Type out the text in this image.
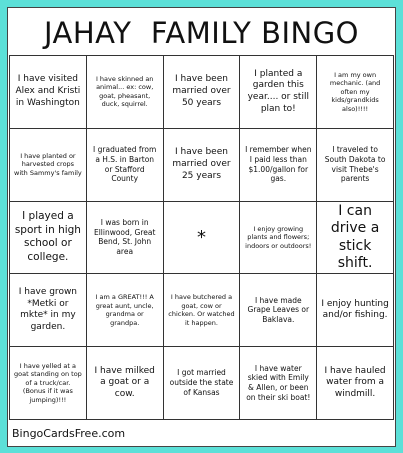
JAHAY  FAMILY BINGO
I have visited Alex and Kristi in Washington
I have skinned an animal... ex: cow, goat, pheasant, duck, squirrel.
I have been married over 50 years
I planted a garden this year.... or still plan to!
I am my own mechanic. (and often my kids/grandkids also)!!!!
I have planted or harvested crops with Sammy's family
I graduated from a H.S. in Barton or Stafford County
I have been married over 25 years
I remember when I paid less than $1.00/gallon for gas.
I traveled to South Dakota to visit Thebe's parents
I played a sport in high school or college.
I was born in Ellinwood, Great Bend, St. John area
*	I enjoy growing plants and flowers; indoors or outdoors!
I can drive a stick shift.
I have grown *Metki or mkte* in my garden.
I am a GREAT!!! A great aunt, uncle, grandma or grandpa.
I have butchered a goat, cow or chicken. Or watched it happen.
I have made Grape Leaves or Baklava.
I enjoy hunting and/or fishing.
I have yelled at a goat standing on top of a truck/car. (Bonus if it was jumping)!!!
I have milked a goat or a cow.
I got married outside the state of Kansas
I have water skied with Emily & Allen, or been on their ski boat!
I have hauled water from a windmill.
BingoCardsFree.com
